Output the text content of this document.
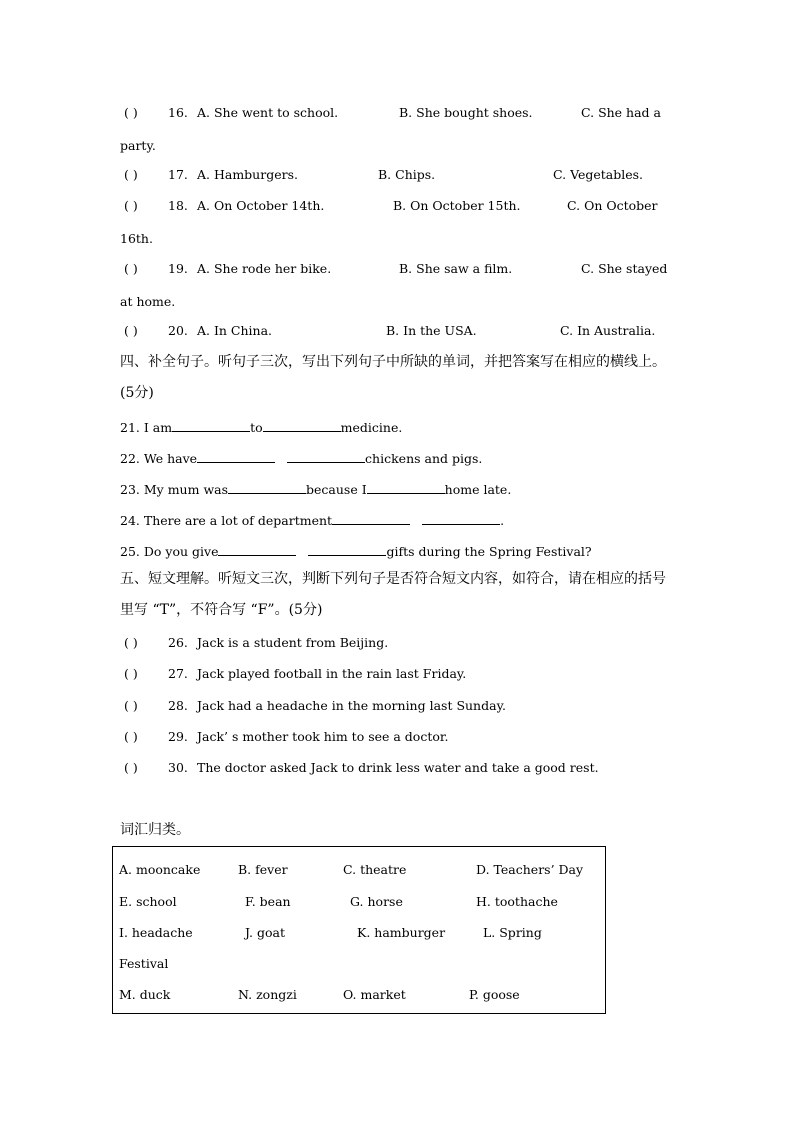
( ) 16. A. She went to school.	B. She bought shoes.	C. She had a
party.
( ) 17. A. Hamburgers.	B. Chips.	C. Vegetables.
( ) 18. A. On October 14th.	B. On October 15th.	C. On October
16th.
( ) 19. A. She rode her bike.	B. She saw a film.	C. She stayed
at home.
( ) 20. A. In China.	B. In the USA.	C. In Australia.
四、补全句子。听句子三次，写出下列句子中所缺的单词，并把答案写在相应的横线上。
(5分)
21. I am	to	medicine.
22. We have	chickens and pigs.
23. My mum was	because I	home late.
24. There are a lot of department	.
25. Do you give	gifts during the Spring Festival?
五、短文理解。听短文三次，判断下列句子是否符合短文内容，如符合，请在相应的括号
里写 “T”，不符合写 “F”。(5分)
( ) 26. Jack is a student from Beijing.
( ) 27. Jack played football in the rain last Friday.
( ) 28. Jack had a headache in the morning last Sunday.
( ) 29. Jack’ s mother took him to see a doctor.
( ) 30. The doctor asked Jack to drink less water and take a good rest.
词汇归类。
A. mooncake	B. fever	C. theatre	D. Teachers’ Day
E. school	F. bean	G. horse	H. toothache
I. headache	J. goat	K. hamburger	L. Spring
Festival
M. duck	N. zongzi	O. market	P. goose
